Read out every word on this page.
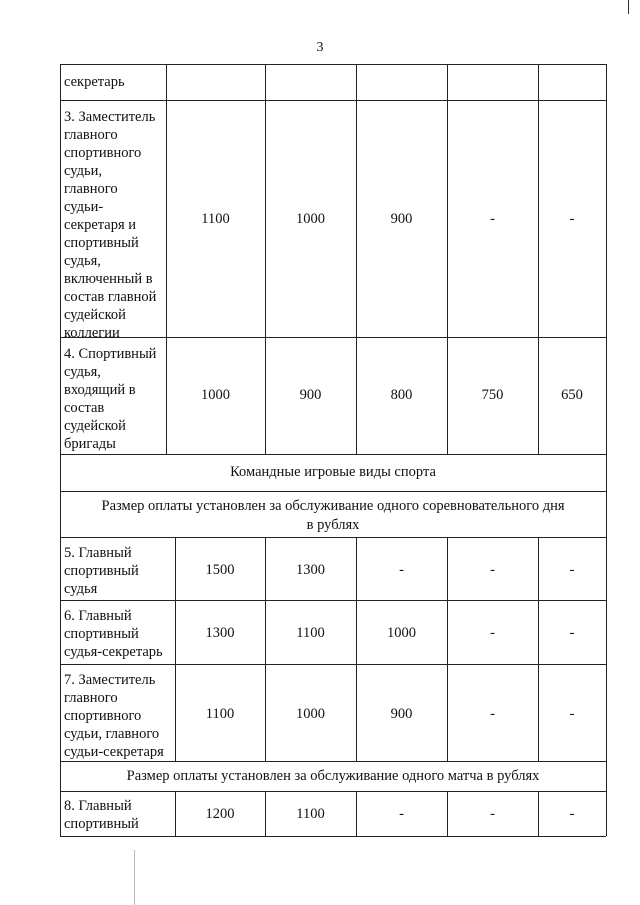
3
секретарь
3. Заместитель
главного
спортивного
судьи,
главного
судьи-
секретаря и
спортивный
судья,
включенный в
состав главной
судейской
коллегии
1100	1000	900	-	-
4. Спортивный
судья,
входящий в
состав
судейской
бригады
1000	900	800	750	650
Командные игровые виды спорта
Размер оплаты установлен за обслуживание одного соревновательного дня
в рублях
5. Главный
спортивный
судья
1500	1300	-	-	-
6. Главный
спортивный
судья-секретарь
1300	1100	1000	-	-
7. Заместитель
главного
спортивного
судьи, главного
судьи-секретаря
1100	1000	900	-	-
Размер оплаты установлен за обслуживание одного матча в рублях
8. Главный
спортивный
1200	1100	-	-	-
